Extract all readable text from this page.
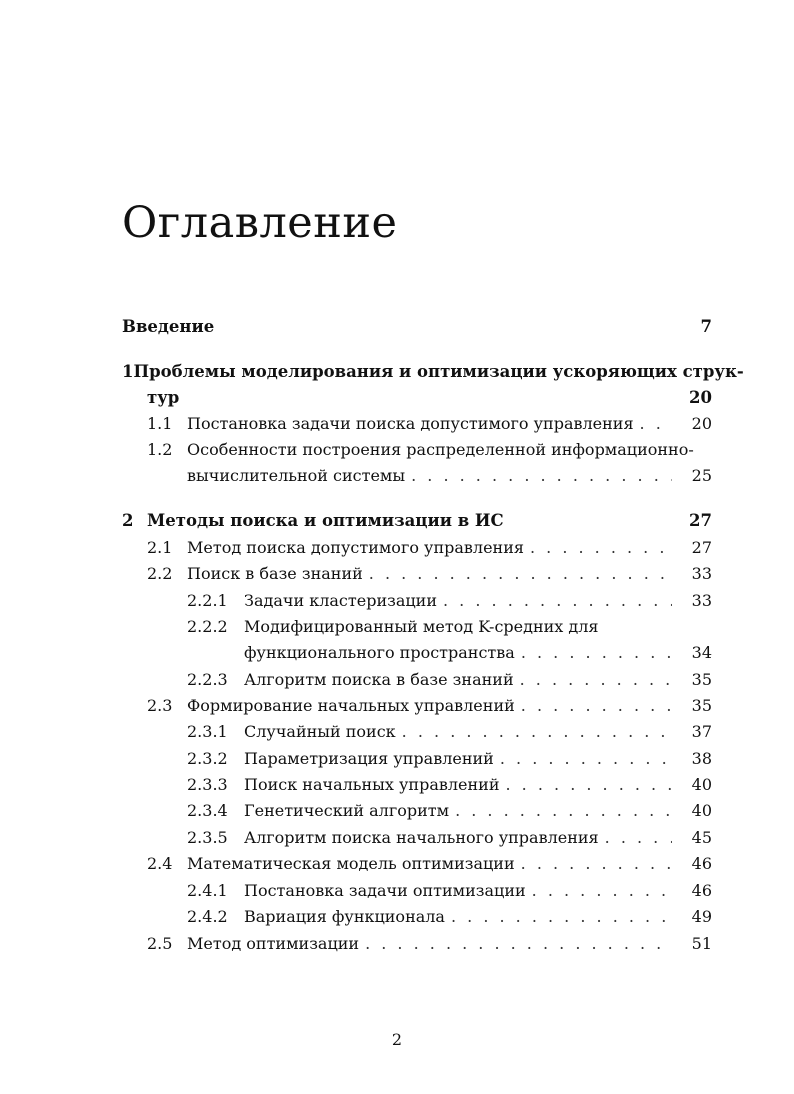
Оглавление
Введение	7
1 Проблемы моделирования и оптимизации ускоряющих струк-
тур	20
1.1 Постановка задачи поиска допустимого управления . . .	20
1.2 Особенности построения распределенной информационно-
вычислительной системы . . .	25
2 Методы поиска и оптимизации в ИС	27
2.1 Метод поиска допустимого управления . . .	27
2.2 Поиск в базе знаний . . .	33
2.2.1	Задачи кластеризации . . .	33
2.2.2	Модифицированный метод K-средних для
функционального пространства . . .	34
2.2.3	Алгоритм поиска в базе знаний . . .	35
2.3 Формирование начальных управлений . . .	35
2.3.1	Случайный поиск . . .	37
2.3.2	Параметризация управлений . . .	38
2.3.3	Поиск начальных управлений . . .	40
2.3.4	Генетический алгоритм . . .	40
2.3.5	Алгоритм поиска начального управления . . .	45
2.4 Математическая модель оптимизации . . .	46
2.4.1	Постановка задачи оптимизации . . .	46
2.4.2	Вариация функционала . . .	49
2.5 Метод оптимизации . . .	51
2
